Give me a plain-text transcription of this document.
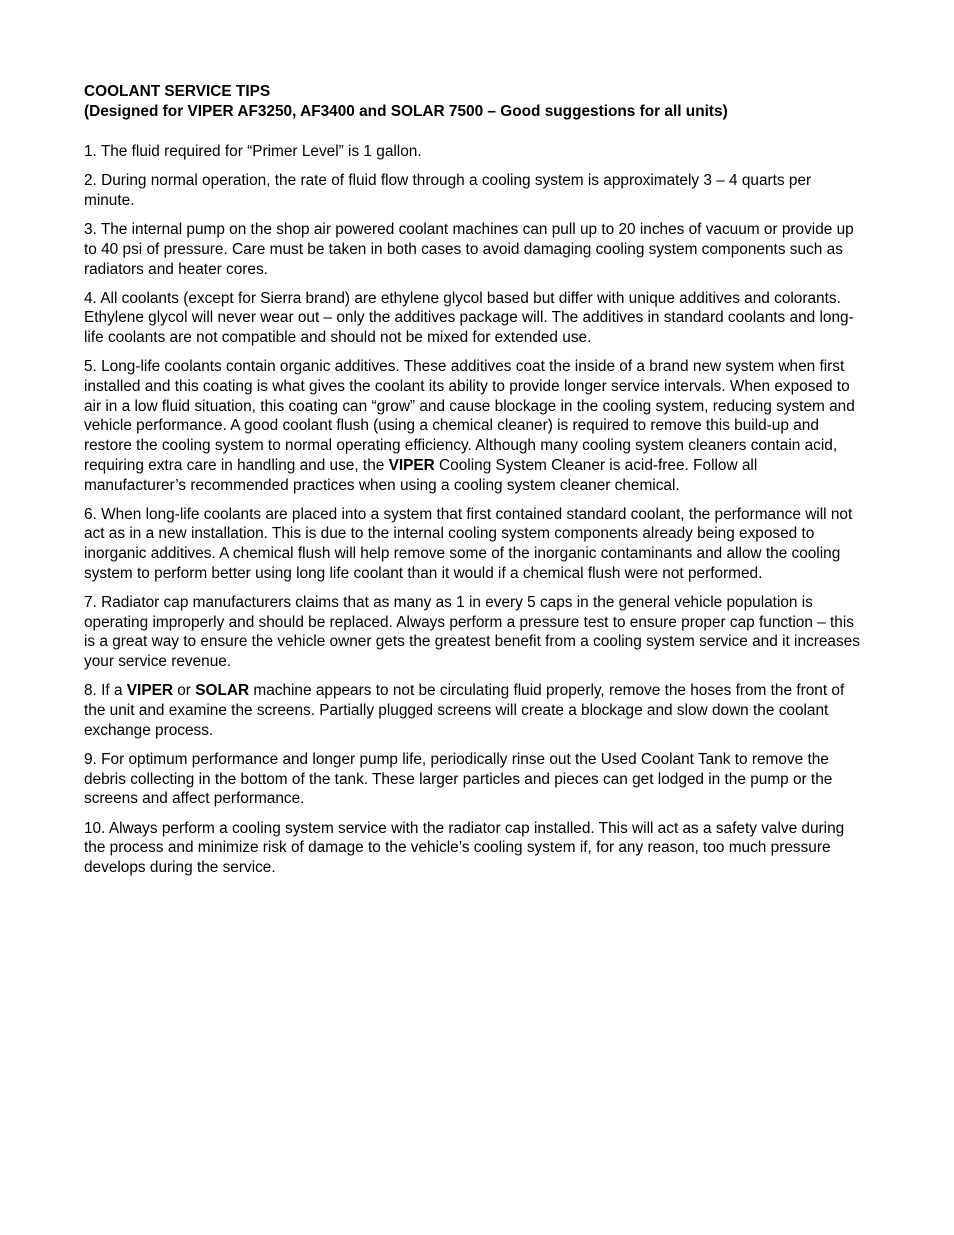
COOLANT SERVICE TIPS

(Designed for VIPER AF3250, AF3400 and SOLAR 7500 – Good suggestions for all units)

1. The fluid required for “Primer Level” is 1 gallon.

2. During normal operation, the rate of fluid flow through a cooling system is approximately 3 – 4 quarts per minute.

3. The internal pump on the shop air powered coolant machines can pull up to 20 inches of vacuum or provide up to 40 psi of pressure. Care must be taken in both cases to avoid damaging cooling system components such as radiators and heater cores.

4. All coolants (except for Sierra brand) are ethylene glycol based but differ with unique additives and colorants. Ethylene glycol will never wear out – only the additives package will. The additives in standard coolants and long-life coolants are not compatible and should not be mixed for extended use.

5. Long-life coolants contain organic additives. These additives coat the inside of a brand new system when first installed and this coating is what gives the coolant its ability to provide longer service intervals. When exposed to air in a low fluid situation, this coating can “grow” and cause blockage in the cooling system, reducing system and vehicle performance. A good coolant flush (using a chemical cleaner) is required to remove this build-up and restore the cooling system to normal operating efficiency. Although many cooling system cleaners contain acid, requiring extra care in handling and use, the VIPER Cooling System Cleaner is acid-free. Follow all manufacturer’s recommended practices when using a cooling system cleaner chemical.

6. When long-life coolants are placed into a system that first contained standard coolant, the performance will not act as in a new installation. This is due to the internal cooling system components already being exposed to inorganic additives. A chemical flush will help remove some of the inorganic contaminants and allow the cooling system to perform better using long life coolant than it would if a chemical flush were not performed.

7. Radiator cap manufacturers claims that as many as 1 in every 5 caps in the general vehicle population is operating improperly and should be replaced. Always perform a pressure test to ensure proper cap function – this is a great way to ensure the vehicle owner gets the greatest benefit from a cooling system service and it increases your service revenue.

8. If a VIPER or SOLAR machine appears to not be circulating fluid properly, remove the hoses from the front of the unit and examine the screens. Partially plugged screens will create a blockage and slow down the coolant exchange process.

9. For optimum performance and longer pump life, periodically rinse out the Used Coolant Tank to remove the debris collecting in the bottom of the tank. These larger particles and pieces can get lodged in the pump or the screens and affect performance.

10. Always perform a cooling system service with the radiator cap installed. This will act as a safety valve during the process and minimize risk of damage to the vehicle’s cooling system if, for any reason, too much pressure develops during the service.
